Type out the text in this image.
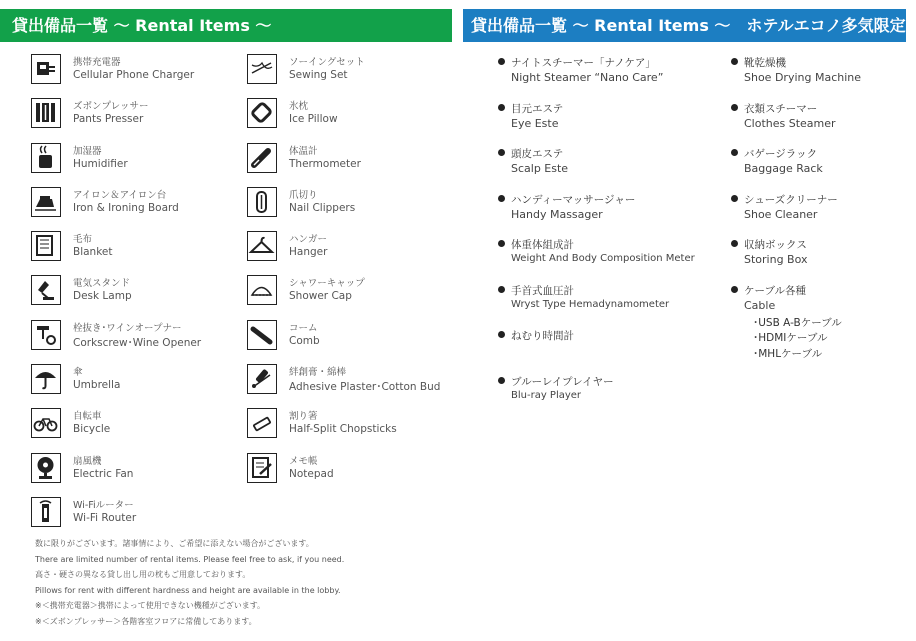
貸出備品一覧 ～ Rental Items ～	貸出備品一覧 ～ Rental Items ～　ホテルエコノ多気限定
携帯充電器
Cellular Phone Charger
ズボンプレッサー
Pants Presser
加湿器
Humidifier
アイロン＆アイロン台
Iron & Ironing Board
毛布
Blanket
電気スタンド
Desk Lamp
栓抜き･ワインオープナー
Corkscrew･Wine Opener
傘
Umbrella
自転車
Bicycle
扇風機
Electric Fan
Wi-Fiルーター
Wi-Fi Router
ソーイングセット
Sewing Set
氷枕
Ice Pillow
体温計
Thermometer
爪切り
Nail Clippers
ハンガー
Hanger
シャワーキャップ
Shower Cap
コーム
Comb
絆創膏・綿棒
Adhesive Plaster･Cotton Bud
割り箸
Half-Split Chopsticks
メモ帳
Notepad
数に限りがございます。諸事情により、ご希望に添えない場合がございます。
There are limited number of rental items. Please feel free to ask, if you need.
高さ・硬さの異なる貸し出し用の枕もご用意しております。
Pillows for rent with different hardness and height are available in the lobby.
※＜携帯充電器＞携帯によって使用できない機種がございます。
※＜ズボンプレッサー＞各階客室フロアに常備してあります。
ナイトスチーマー「ナノケア」
Night Steamer “Nano Care”
目元エステ
Eye Este
頭皮エステ
Scalp Este
ハンディーマッサージャー
Handy Massager
体重体組成計
Weight And Body Composition Meter
手首式血圧計
Wryst Type Hemadynamometer
ねむり時間計
ブルーレイプレイヤー
Blu-ray Player
靴乾燥機
Shoe Drying Machine
衣類スチーマー
Clothes Steamer
バゲージラック
Baggage Rack
シューズクリーナー
Shoe Cleaner
収納ボックス
Storing Box
ケーブル各種
Cable
･USB A-Bケーブル
･HDMIケーブル
･MHLケーブル
